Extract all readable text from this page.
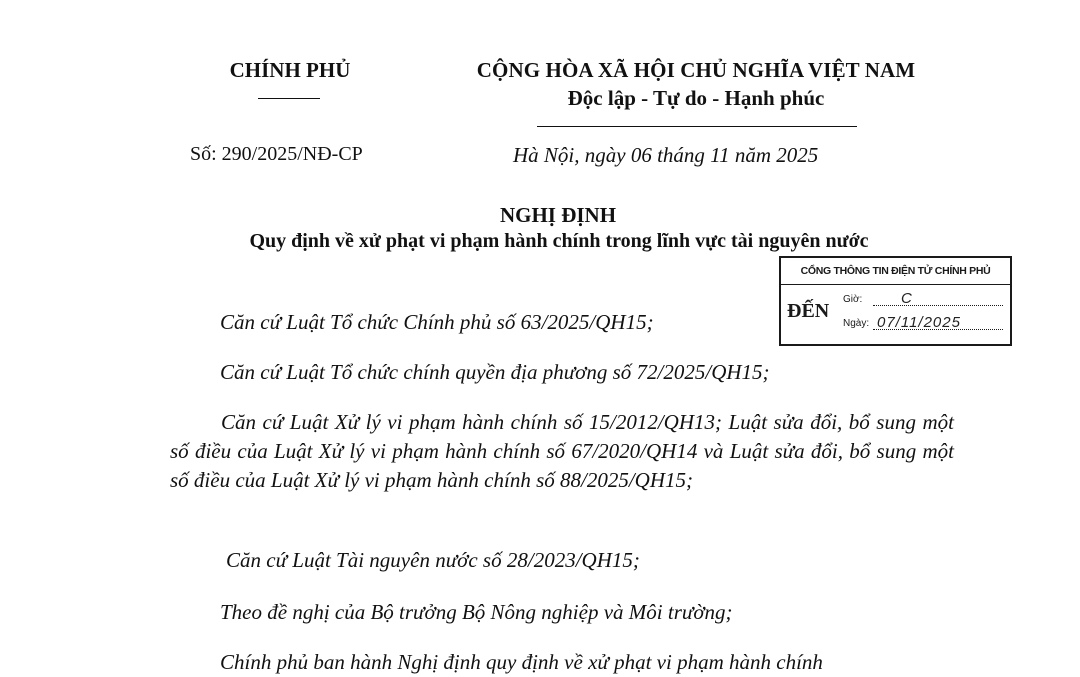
CHÍNH PHỦ	CỘNG HÒA XÃ HỘI CHỦ NGHĨA VIỆT NAM
Độc lập - Tự do - Hạnh phúc
Số: 290/2025/NĐ-CP	Hà Nội, ngày 06 tháng 11 năm 2025
NGHỊ ĐỊNH
Quy định về xử phạt vi phạm hành chính trong lĩnh vực tài nguyên nước
CỔNG THÔNG TIN ĐIỆN TỬ CHÍNH PHỦ
ĐẾN
Giờ:	C
Ngày: 07/11/2025
Căn cứ Luật Tổ chức Chính phủ số 63/2025/QH15;
Căn cứ Luật Tổ chức chính quyền địa phương số 72/2025/QH15;
Căn cứ Luật Xử lý vi phạm hành chính số 15/2012/QH13; Luật sửa đổi, bổ sung một số điều của Luật Xử lý vi phạm hành chính số 67/2020/QH14 và Luật sửa đổi, bổ sung một số điều của Luật Xử lý vi phạm hành chính số 88/2025/QH15;
Căn cứ Luật Tài nguyên nước số 28/2023/QH15;
Theo đề nghị của Bộ trưởng Bộ Nông nghiệp và Môi trường;
Chính phủ ban hành Nghị định quy định về xử phạt vi phạm hành chính
